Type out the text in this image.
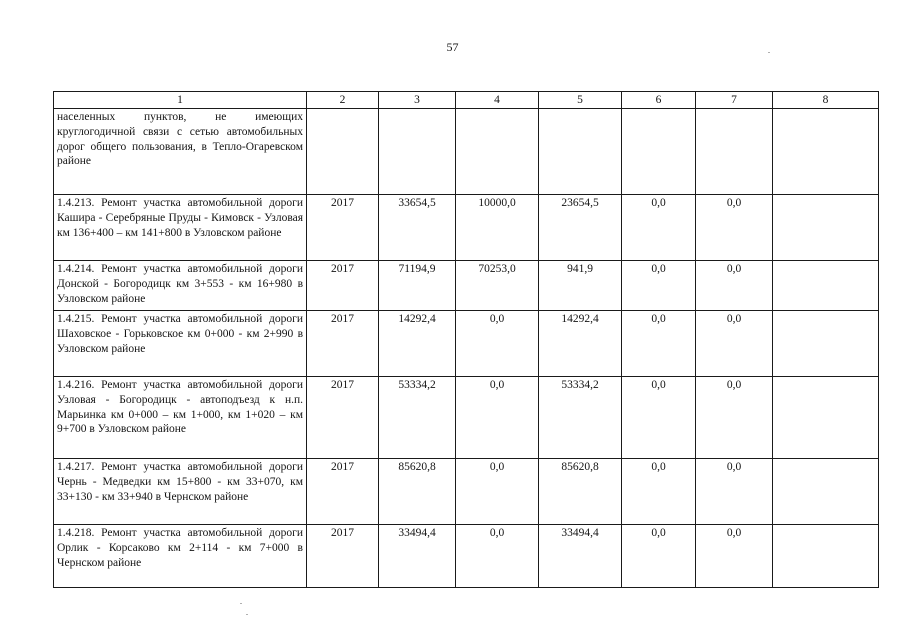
57
1	2	3	4	5	6	7	8
населенных пунктов, не имеющих круглогодичной связи с сетью автомобильных дорог общего пользования, в Тепло-Огаревском районе							
1.4.213. Ремонт участка автомобильной дороги Кашира - Серебряные Пруды - Кимовск - Узловая км 136+400 – км 141+800 в Узловском районе	2017	33654,5	10000,0	23654,5	0,0	0,0	
1.4.214. Ремонт участка автомобильной дороги Донской - Богородицк км 3+553 - км 16+980 в Узловском районе	2017	71194,9	70253,0	941,9	0,0	0,0	
1.4.215. Ремонт участка автомобильной дороги Шаховское - Горьковское км 0+000 - км 2+990 в Узловском районе	2017	14292,4	0,0	14292,4	0,0	0,0	
1.4.216. Ремонт участка автомобильной дороги Узловая - Богородицк - автоподъезд к н.п. Марьинка км 0+000 – км 1+000, км 1+020 – км 9+700 в Узловском районе	2017	53334,2	0,0	53334,2	0,0	0,0	
1.4.217. Ремонт участка автомобильной дороги Чернь - Медведки км 15+800 - км 33+070, км 33+130 - км 33+940 в Чернском районе	2017	85620,8	0,0	85620,8	0,0	0,0	
1.4.218. Ремонт участка автомобильной дороги Орлик - Корсаково км 2+114 - км 7+000 в Чернском районе	2017	33494,4	0,0	33494,4	0,0	0,0	
